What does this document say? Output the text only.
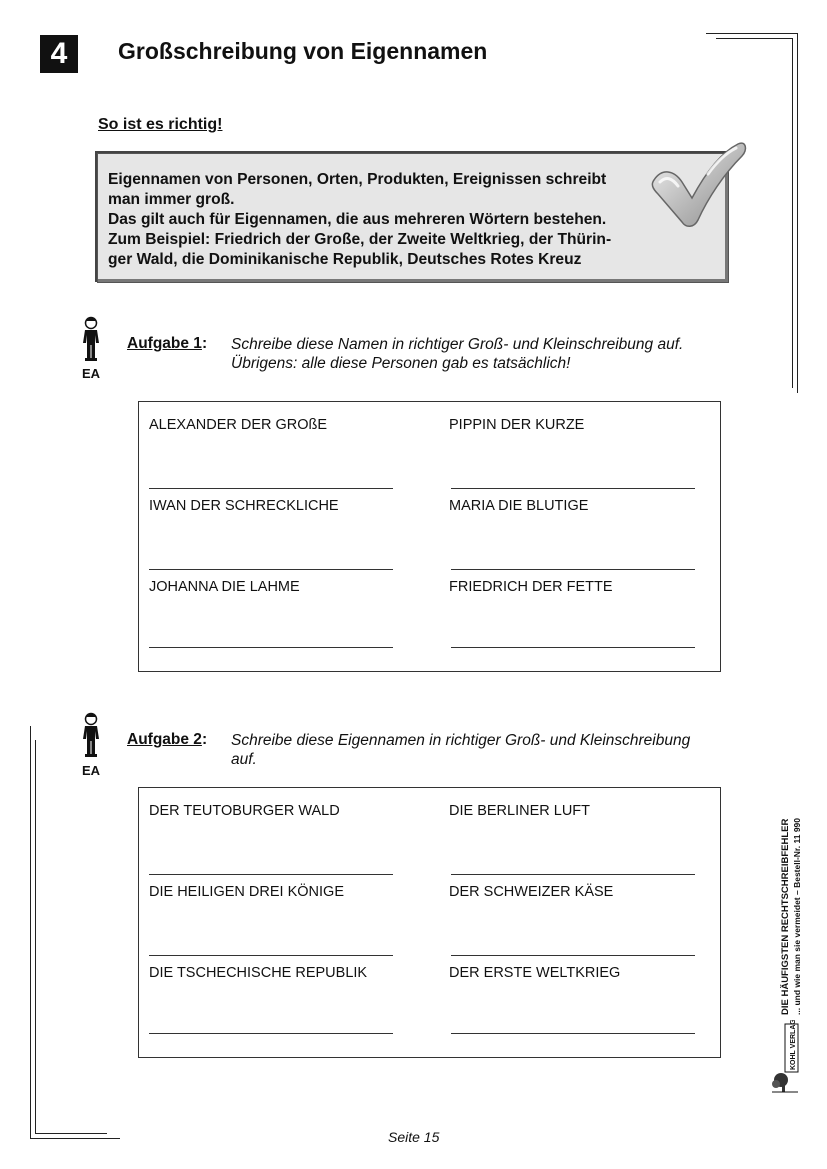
4	Großschreibung von Eigennamen
So ist es richtig!

Eigennamen von Personen, Orten, Produkten, Ereignissen schreibt

man immer groß.

Das gilt auch für Eigennamen, die aus mehreren Wörtern bestehen.

Zum Beispiel: Friedrich der Große, der Zweite Weltkrieg, der Thürin-

ger Wald, die Dominikanische Republik, Deutsches Rotes Kreuz

EA
Aufgabe 1: Schreibe diese Namen in richtiger Groß- und Kleinschreibung auf.
Übrigens: alle diese Personen gab es tatsächlich!
ALEXANDER DER GROßE	PIPPIN DER KURZE
IWAN DER SCHRECKLICHE	MARIA DIE BLUTIGE
JOHANNA DIE LAHME	FRIEDRICH DER FETTE
EA
Aufgabe 2: Schreibe diese Eigennamen in richtiger Groß- und Kleinschreibung
auf.
DER TEUTOBURGER WALD	DIE BERLINER LUFT
DIE HEILIGEN DREI KÖNIGE	DER SCHWEIZER KÄSE
DIE TSCHECHISCHE REPUBLIK	DER ERSTE WELTKRIEG	DIE HÄUFIGSTEN RECHTSCHREIBFEHLER ... und wie man sie vermeidet – Bestell-Nr. 11 990
KOHL VERLAG
Seite 15
